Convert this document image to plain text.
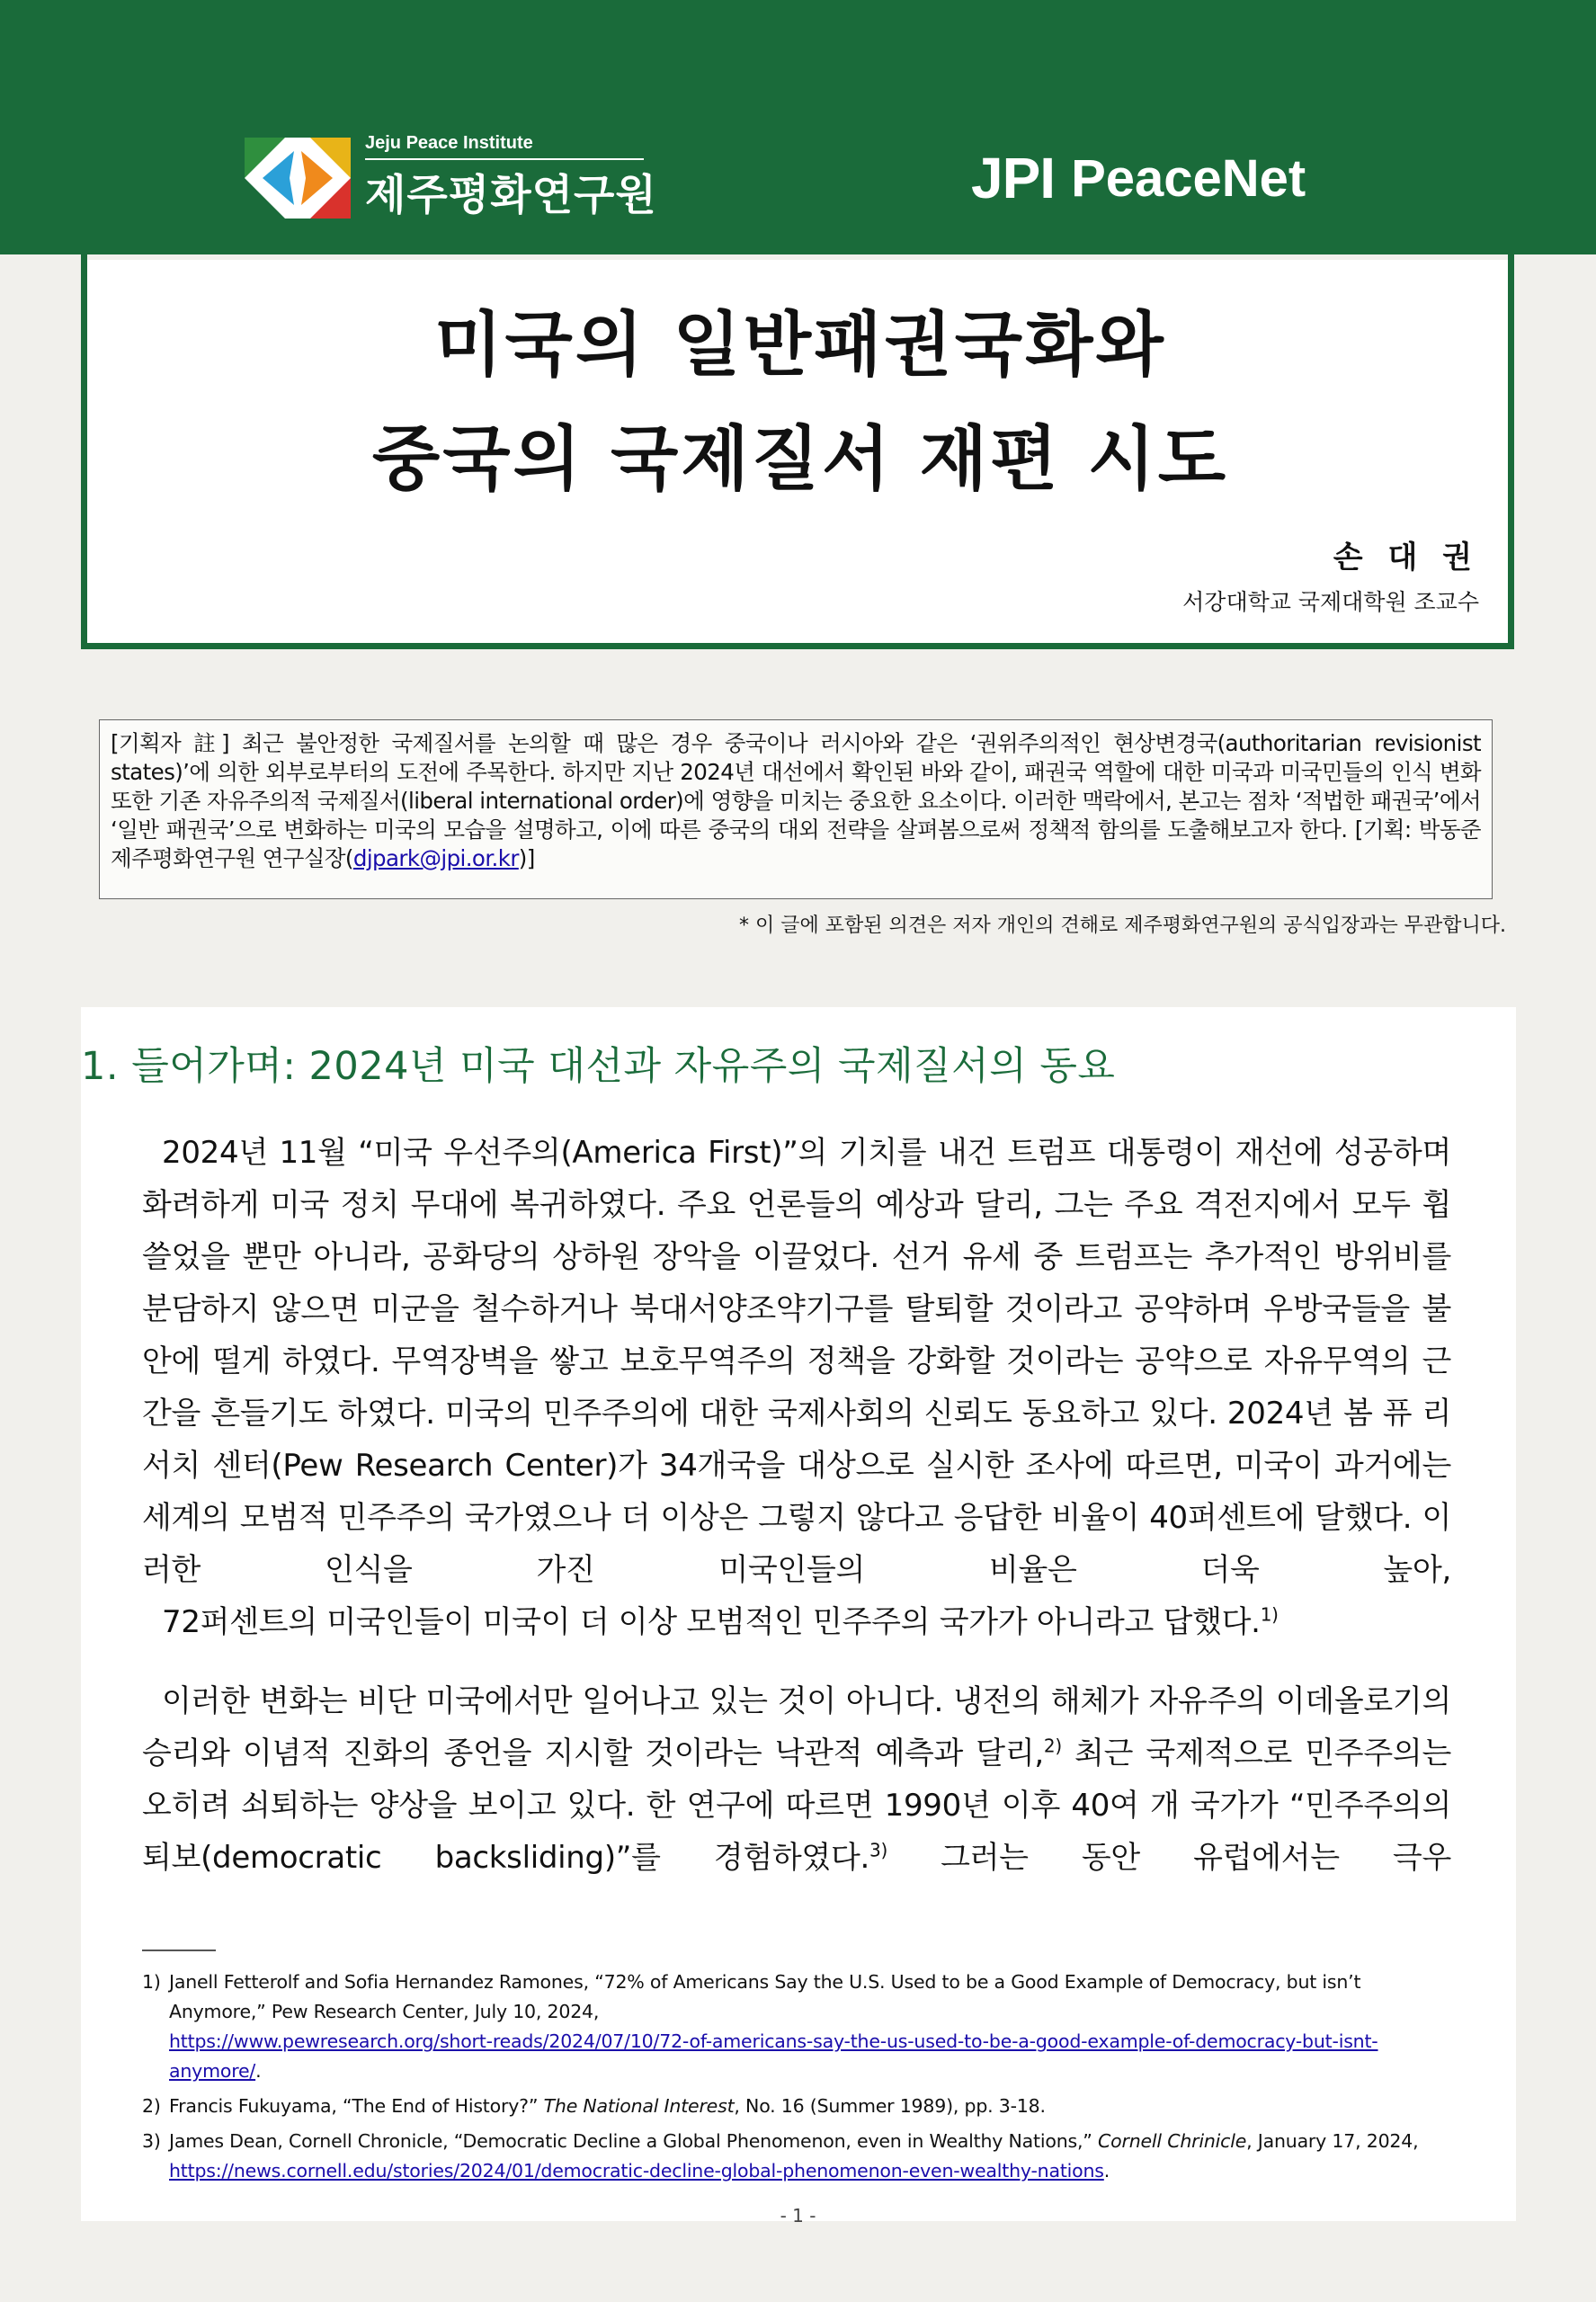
Jeju Peace Institute
제주평화연구원	JPI PeaceNet
미국의 일반패권국화와
중국의 국제질서 재편 시도
손 대 권
서강대학교 국제대학원 조교수
[기획자 註] 최근 불안정한 국제질서를 논의할 때 많은 경우 중국이나 러시아와 같은 ‘권위주의적인 현상변경국(authoritarian revisionist states)’에 의한 외부로부터의 도전에 주목한다. 하지만 지난 2024년 대선에서 확인된 바와 같이, 패권국 역할에 대한 미국과 미국민들의 인식 변화 또한 기존 자유주의적 국제질서(liberal international order)에 영향을 미치는 중요한 요소이다. 이러한 맥락에서, 본고는 점차 ‘적법한 패권국’에서 ‘일반 패권국’으로 변화하는 미국의 모습을 설명하고, 이에 따른 중국의 대외 전략을 살펴봄으로써 정책적 함의를 도출해보고자 한다. [기획: 박동준 제주평화연구원 연구실장(djpark@jpi.or.kr)]
* 이 글에 포함된 의견은 저자 개인의 견해로 제주평화연구원의 공식입장과는 무관합니다.
1. 들어가며: 2024년 미국 대선과 자유주의 국제질서의 동요
2024년 11월 “미국 우선주의(America First)”의 기치를 내건 트럼프 대통령이 재선에 성공하며 화려하게 미국 정치 무대에 복귀하였다. 주요 언론들의 예상과 달리, 그는 주요 격전지에서 모두 휩쓸었을 뿐만 아니라, 공화당의 상하원 장악을 이끌었다. 선거 유세 중 트럼프는 추가적인 방위비를 분담하지 않으면 미군을 철수하거나 북대서양조약기구를 탈퇴할 것이라고 공약하며 우방국들을 불안에 떨게 하였다. 무역장벽을 쌓고 보호무역주의 정책을 강화할 것이라는 공약으로 자유무역의 근간을 흔들기도 하였다. 미국의 민주주의에 대한 국제사회의 신뢰도 동요하고 있다. 2024년 봄 퓨 리서치 센터(Pew Research Center)가 34개국을 대상으로 실시한 조사에 따르면, 미국이 과거에는 세계의 모범적 민주주의 국가였으나 더 이상은 그렇지 않다고 응답한 비율이 40퍼센트에 달했다. 이러한 인식을 가진 미국인들의 비율은 더욱 높아,
72퍼센트의 미국인들이 미국이 더 이상 모범적인 민주주의 국가가 아니라고 답했다.$^{1)}$
이러한 변화는 비단 미국에서만 일어나고 있는 것이 아니다. 냉전의 해체가 자유주의 이데올로기의 승리와 이념적 진화의 종언을 지시할 것이라는 낙관적 예측과 달리,$^{2)}$ 최근 국제적으로 민주주의는 오히려 쇠퇴하는 양상을 보이고 있다. 한 연구에 따르면 1990년 이후 40여 개 국가가 “민주주의의 퇴보(democratic backsliding)”를 경험하였다.$^{3)}$ 그러는 동안 유럽에서는 극우
1) Janell Fetterolf and Sofia Hernandez Ramones, “72% of Americans Say the U.S. Used to be a Good Example of Democracy, but isn’t Anymore,” Pew Research Center, July 10, 2024,
https://www.pewresearch.org/short-reads/2024/07/10/72-of-americans-say-the-us-used-to-be-a-good-example-of-democracy-but-isnt-anymore/.
2) Francis Fukuyama, “The End of History?” The National Interest, No. 16 (Summer 1989), pp. 3-18.
3) James Dean, Cornell Chronicle, “Democratic Decline a Global Phenomenon, even in Wealthy Nations,” Cornell Chrinicle, January 17, 2024,
https://news.cornell.edu/stories/2024/01/democratic-decline-global-phenomenon-even-wealthy-nations.
- 1 -
